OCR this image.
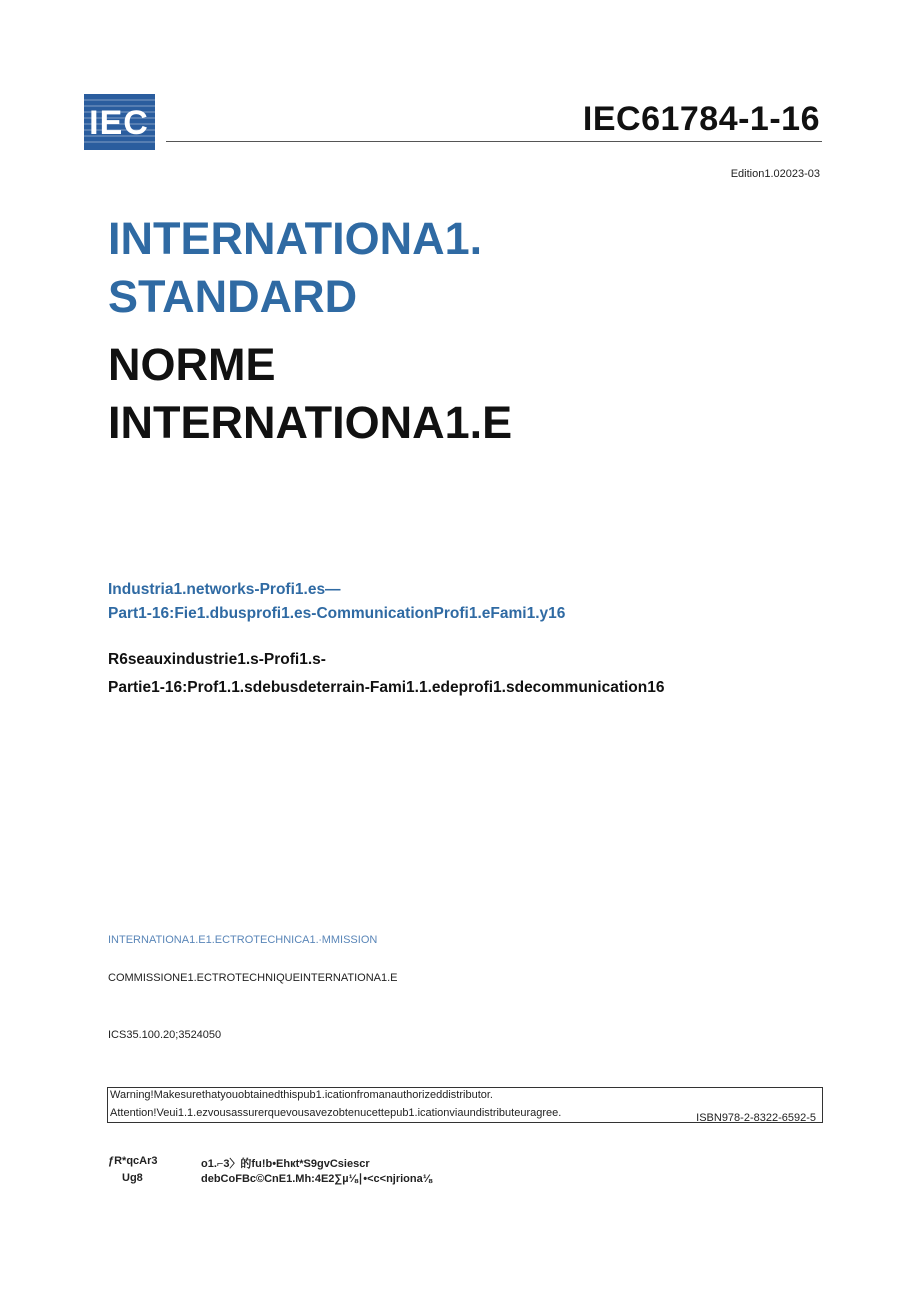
IEC	IEC61784-1-16
Edition1.02023-03
INTERNATIONA1.
STANDARD
NORME
INTERNATIONA1.E
Industria1.networks-Profi1.es—
Part1-16:Fie1.dbusprofi1.es-CommunicationProfi1.eFami1.y16
R6seauxindustrie1.s-Profi1.s-
Partie1-16:Prof1.1.sdebusdeterrain-Fami1.1.edeprofi1.sdecommunication16
INTERNATIONA1.E1.ECTROTECHNICA1.∙MMISSION
COMMISSIONE1.ECTROTECHNIQUEINTERNATIONA1.E
ICS35.100.20;3524050
Warning!Makesurethatyouobtainedthispub1.icationfromanauthorizeddistributor.
Attention!Veui1.1.ezvousassurerquevousavezobtenucettepub1.icationviaundistributeuragree.	ISBN978-2-8322-6592-5
ƒR*qcAr3	o1.⌐3〉的fu!b•Ehкt*S9gvCsiescr
Ug8	debCoFBc©CnE1.Mh:4E2∑µ⅛∣•<c<njriona⅛
